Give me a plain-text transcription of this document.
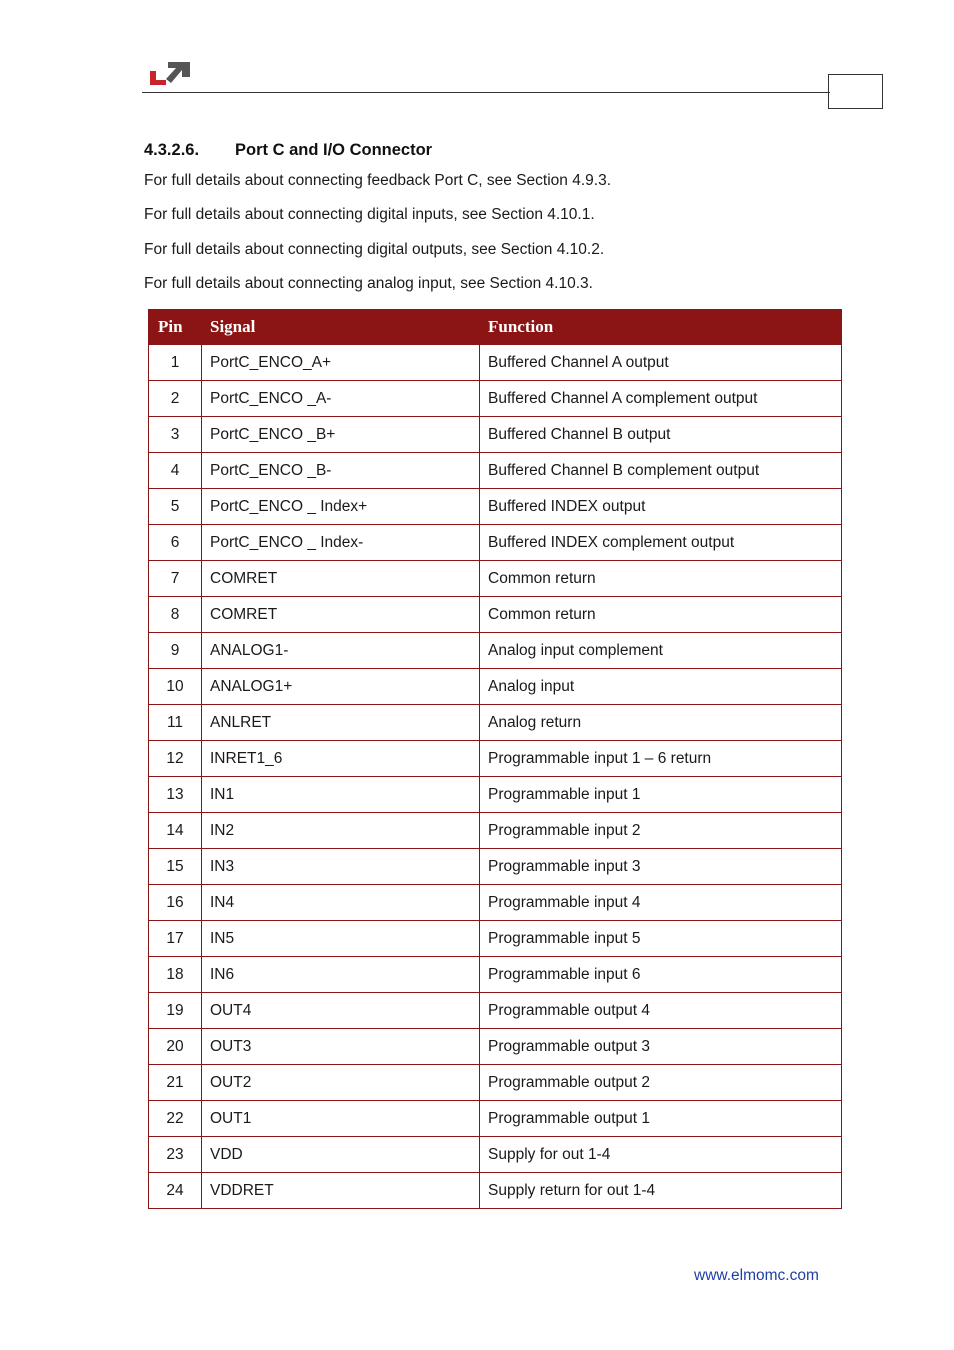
4.3.2.6. Port C and I/O Connector
For full details about connecting feedback Port C, see Section 4.9.3.
For full details about connecting digital inputs, see Section 4.10.1.
For full details about connecting digital outputs, see Section 4.10.2.
For full details about connecting analog input, see Section 4.10.3.
Pin	Signal	Function
1	PortC_ENCO_A+	Buffered Channel A output
2	PortC_ENCO _A-	Buffered Channel A complement output
3	PortC_ENCO _B+	Buffered Channel B output
4	PortC_ENCO _B-	Buffered Channel B complement output
5	PortC_ENCO _ Index+	Buffered INDEX output
6	PortC_ENCO _ Index-	Buffered INDEX complement output
7	COMRET	Common return
8	COMRET	Common return
9	ANALOG1-	Analog input complement
10	ANALOG1+	Analog input
11	ANLRET	Analog return
12	INRET1_6	Programmable input 1 – 6 return
13	IN1	Programmable input 1
14	IN2	Programmable input 2
15	IN3	Programmable input 3
16	IN4	Programmable input 4
17	IN5	Programmable input 5
18	IN6	Programmable input 6
19	OUT4	Programmable output 4
20	OUT3	Programmable output 3
21	OUT2	Programmable output 2
22	OUT1	Programmable output 1
23	VDD	Supply for out 1-4
24	VDDRET	Supply return for out 1-4
www.elmomc.com
